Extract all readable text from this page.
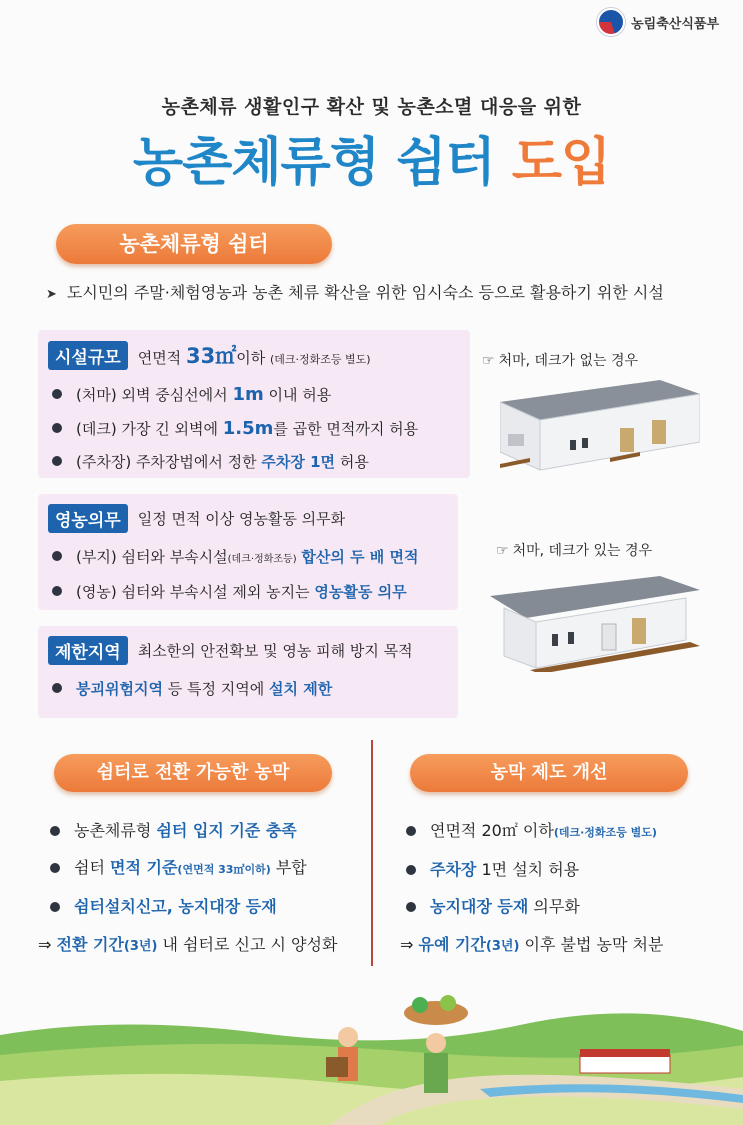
농림축산식품부
농촌체류 생활인구 확산 및 농촌소멸 대응을 위한
농촌체류형 쉼터 도입
농촌체류형 쉼터
➤ 도시민의 주말·체험영농과 농촌 체류 확산을 위한 임시숙소 등으로 활용하기 위한 시설
시설규모	연면적 33㎡이하 (데크·정화조등 별도)
(처마) 외벽 중심선에서 1m 이내 허용
(데크) 가장 긴 외벽에 1.5m를 곱한 면적까지 허용
(주차장) 주차장법에서 정한 주차장 1면 허용
영농의무	일정 면적 이상 영농활동 의무화
(부지) 쉼터와 부속시설(데크·정화조등) 합산의 두 배 면적
(영농) 쉼터와 부속시설 제외 농지는 영농활동 의무
제한지역	최소한의 안전확보 및 영농 피해 방지 목적
붕괴위험지역 등 특정 지역에 설치 제한
☞ 처마, 데크가 없는 경우
☞ 처마, 데크가 있는 경우
쉼터로 전환 가능한 농막
농촌체류형 쉼터 입지 기준 충족
쉼터 면적 기준(연면적 33㎡이하) 부합
쉼터설치신고, 농지대장 등재
⇒ 전환 기간(3년) 내 쉼터로 신고 시 양성화
농막 제도 개선
연면적 20㎡ 이하(데크·정화조등 별도)
주차장 1면 설치 허용
농지대장 등재 의무화
⇒ 유예 기간(3년) 이후 불법 농막 처분
